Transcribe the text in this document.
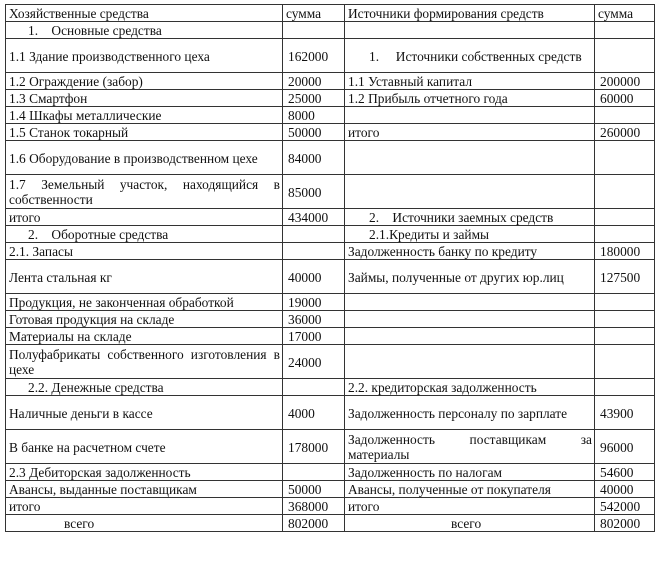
Хозяйственные средства	сумма	Источники формирования средств	сумма
1.    Основные средства			
1.1 Здание производственного цеха	162000	1.     Источники собственных средств	
1.2 Ограждение (забор)	20000	1.1 Уставный капитал	200000
1.3 Смартфон	25000	1.2 Прибыль отчетного года	60000
1.4 Шкафы металлические	8000		
1.5 Станок токарный	50000	итого	260000
1.6 Оборудование в производственном цехе	84000		
1.7 Земельный участок, находящийся в собственности	85000		
итого	434000	2.    Источники заемных средств	
2.    Оборотные средства		2.1.Кредиты и займы	
2.1. Запасы		Задолженность банку по кредиту	180000
Лента стальная кг	40000	Займы, полученные от других юр.лиц	127500
Продукция, не законченная обработкой	19000		
Готовая продукция на складе	36000		
Материалы на складе	17000		
Полуфабрикаты собственного изготовления в цехе	24000		
2.2. Денежные средства		2.2. кредиторская задолженность	
Наличные деньги в кассе	4000	Задолженность персоналу по зарплате	43900
В банке на расчетном счете	178000	Задолженность поставщикам за материалы	96000
2.3 Дебиторская задолженность		Задолженность по налогам	54600
Авансы, выданные поставщикам	50000	Авансы, полученные от покупателя	40000
итого	368000	итого	542000
всего	802000	всего	802000
